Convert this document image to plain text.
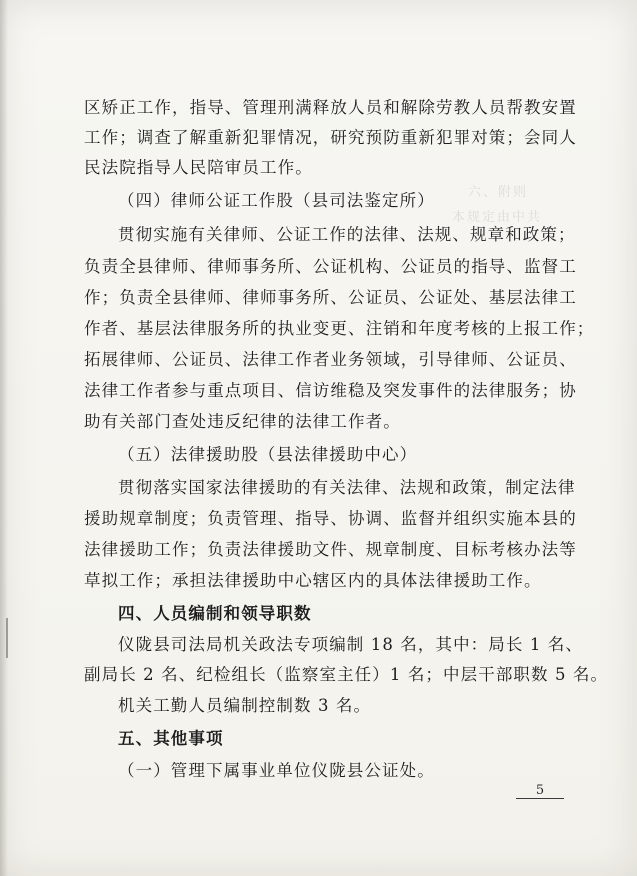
六、附则
本规定由中共
区矫正工作，指导、管理刑满释放人员和解除劳教人员帮教安置
工作；调查了解重新犯罪情况，研究预防重新犯罪对策；会同人
民法院指导人民陪审员工作。
（四）律师公证工作股（县司法鉴定所）
贯彻实施有关律师、公证工作的法律、法规、规章和政策；
负责全县律师、律师事务所、公证机构、公证员的指导、监督工
作；负责全县律师、律师事务所、公证员、公证处、基层法律工
作者、基层法律服务所的执业变更、注销和年度考核的上报工作；
拓展律师、公证员、法律工作者业务领域，引导律师、公证员、
法律工作者参与重点项目、信访维稳及突发事件的法律服务；协
助有关部门查处违反纪律的法律工作者。
（五）法律援助股（县法律援助中心）
贯彻落实国家法律援助的有关法律、法规和政策，制定法律
援助规章制度；负责管理、指导、协调、监督并组织实施本县的
法律援助工作；负责法律援助文件、规章制度、目标考核办法等
草拟工作；承担法律援助中心辖区内的具体法律援助工作。
四、人员编制和领导职数
仪陇县司法局机关政法专项编制 18 名，其中：局长 1 名、
副局长 2 名、纪检组长（监察室主任）1 名；中层干部职数 5 名。
机关工勤人员编制控制数 3 名。
五、其他事项
（一）管理下属事业单位仪陇县公证处。
5
